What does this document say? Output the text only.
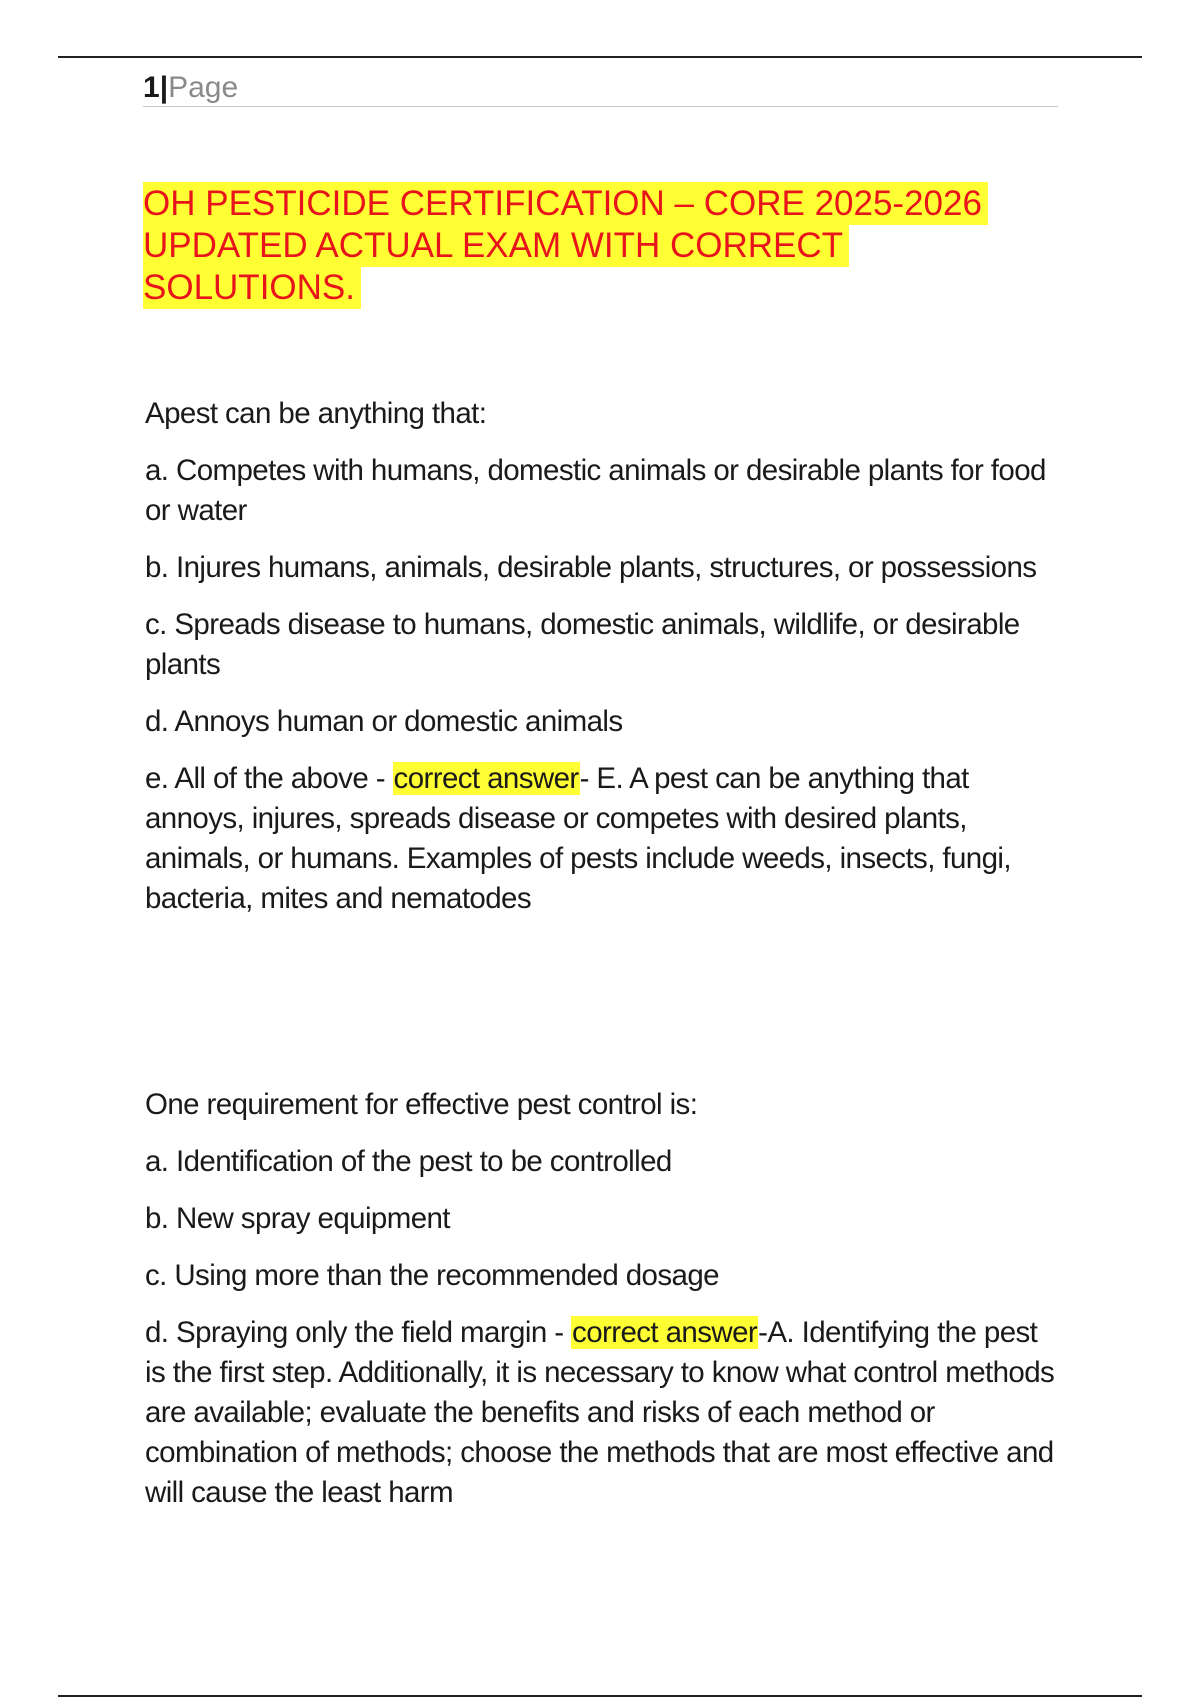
1|Page
OH PESTICIDE CERTIFICATION – CORE 2025-2026
UPDATED ACTUAL EXAM WITH CORRECT
SOLUTIONS.

Apest can be anything that:

a. Competes with humans, domestic animals or desirable plants for food or water

b. Injures humans, animals, desirable plants, structures, or possessions

c. Spreads disease to humans, domestic animals, wildlife, or desirable plants

d. Annoys human or domestic animals

e. All of the above - correct answer- E. A pest can be anything that annoys, injures, spreads disease or competes with desired plants, animals, or humans. Examples of pests include weeds, insects, fungi, bacteria, mites and nematodes

One requirement for effective pest control is:

a. Identification of the pest to be controlled

b. New spray equipment

c. Using more than the recommended dosage

d. Spraying only the field margin - correct answer-A. Identifying the pest is the first step. Additionally, it is necessary to know what control methods are available; evaluate the benefits and risks of each method or combination of methods; choose the methods that are most effective and will cause the least harm
